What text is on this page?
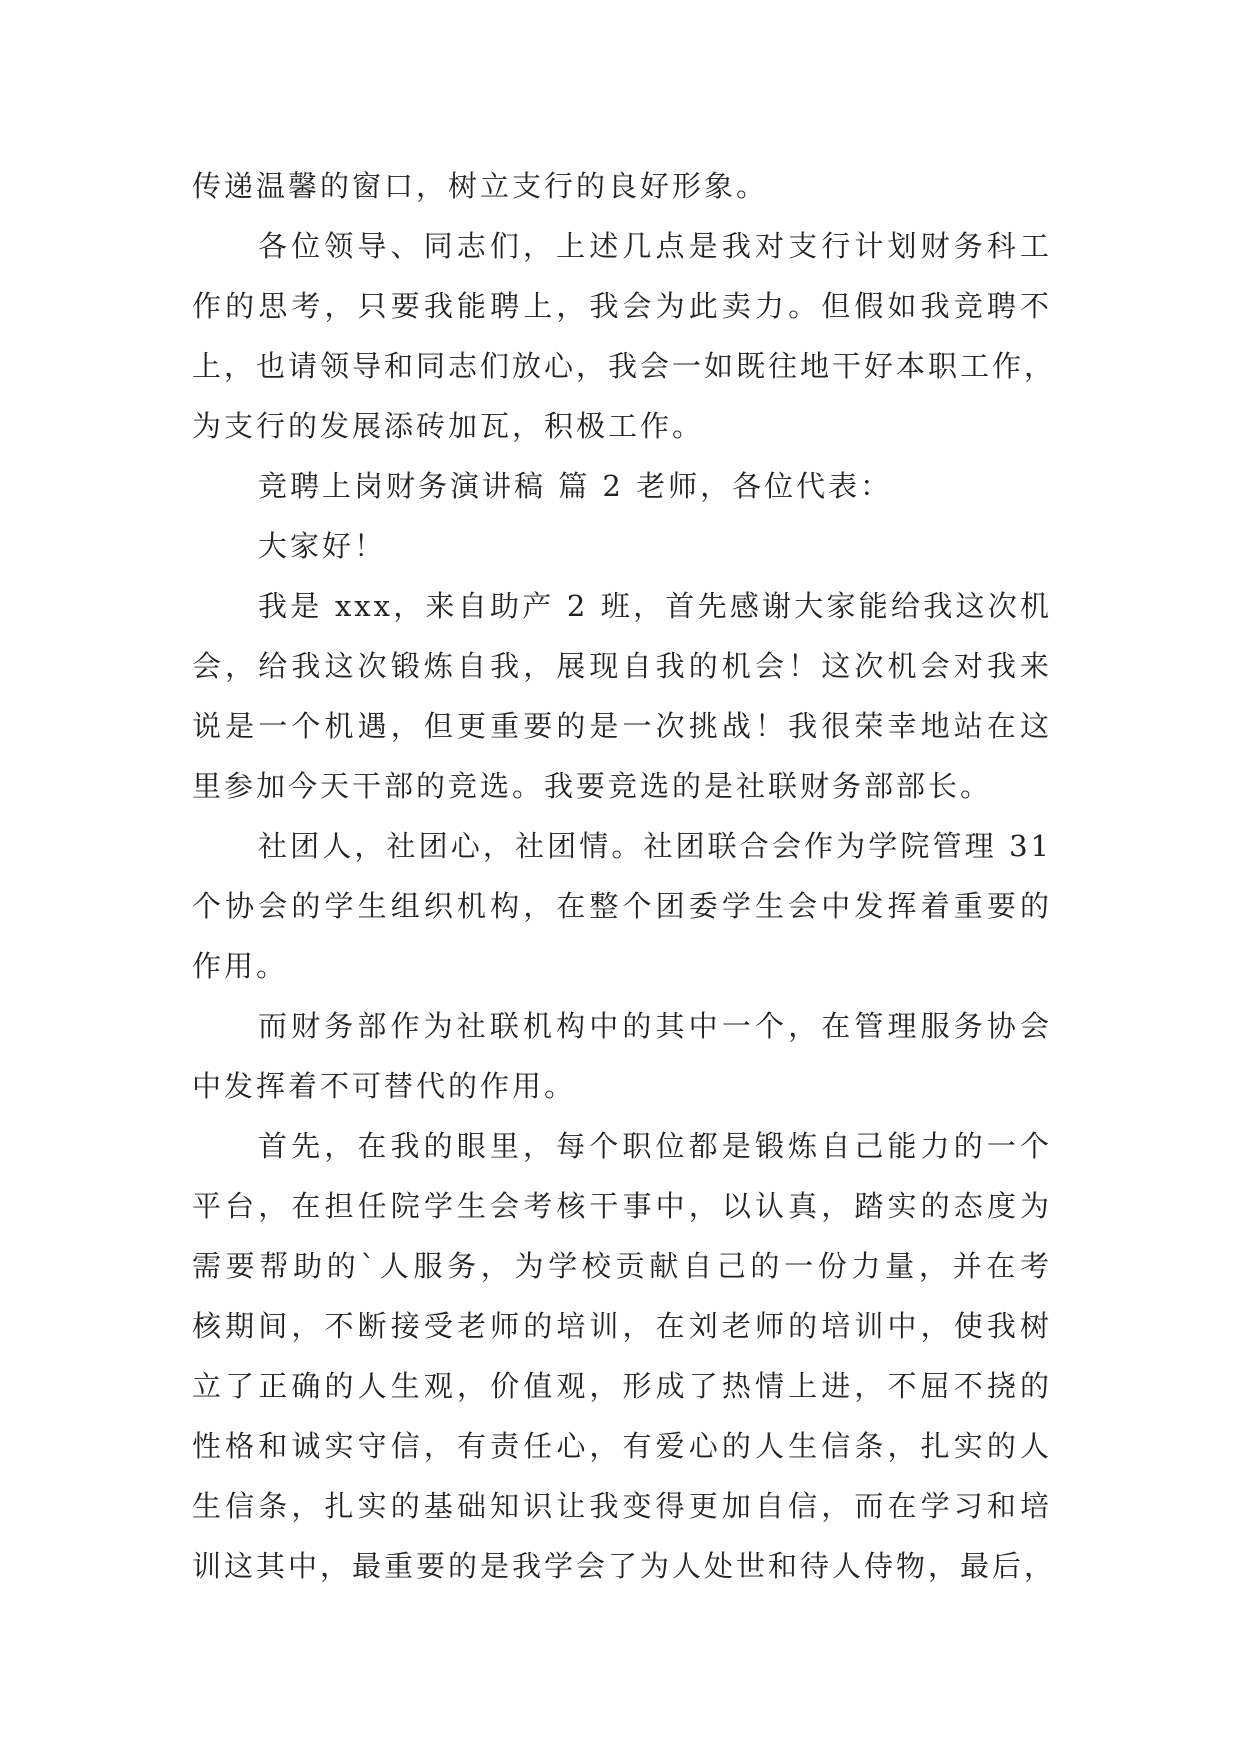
传递温馨的窗口，树立支行的良好形象。
各位领导、同志们，上述几点是我对支行计划财务科工
作的思考，只要我能聘上，我会为此卖力。但假如我竞聘不
上，也请领导和同志们放心，我会一如既往地干好本职工作，
为支行的发展添砖加瓦，积极工作。
竞聘上岗财务演讲稿 篇 2 老师，各位代表：
大家好！
我是 xxx，来自助产 2 班，首先感谢大家能给我这次机
会，给我这次锻炼自我，展现自我的机会！这次机会对我来
说是一个机遇，但更重要的是一次挑战！我很荣幸地站在这
里参加今天干部的竞选。我要竞选的是社联财务部部长。
社团人，社团心，社团情。社团联合会作为学院管理 31
个协会的学生组织机构，在整个团委学生会中发挥着重要的
作用。
而财务部作为社联机构中的其中一个，在管理服务协会
中发挥着不可替代的作用。
首先，在我的眼里，每个职位都是锻炼自己能力的一个
平台，在担任院学生会考核干事中，以认真，踏实的态度为
需要帮助的`人服务，为学校贡献自己的一份力量，并在考
核期间，不断接受老师的培训，在刘老师的培训中，使我树
立了正确的人生观，价值观，形成了热情上进，不屈不挠的
性格和诚实守信，有责任心，有爱心的人生信条，扎实的人
生信条，扎实的基础知识让我变得更加自信，而在学习和培
训这其中，最重要的是我学会了为人处世和待人侍物，最后，
